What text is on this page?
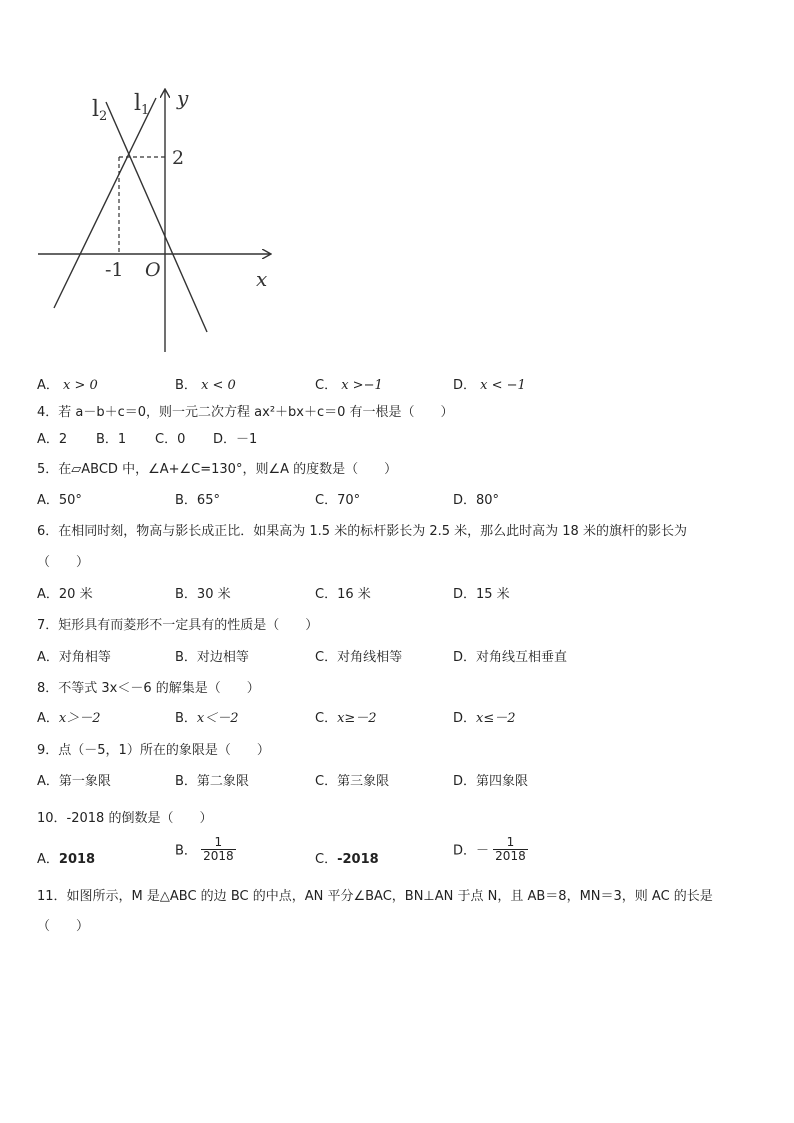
l2
l1
y
x
2
-1 O
A． x > 0	B． x < 0	C． x >−1	D． x < −1
4．若 a－b＋c＝0，则一元二次方程 ax²＋bx＋c＝0 有一根是（　　）
A．2 B．1 C．0 D．－1
5．在▱ABCD 中，∠A+∠C=130°，则∠A 的度数是（　　）
A．50°	B．65°	C．70°	D．80°
6．在相同时刻，物高与影长成正比．如果高为 1.5 米的标杆影长为 2.5 米，那么此时高为 18 米的旗杆的影长为
（　　）
A．20 米	B．30 米	C．16 米	D．15 米
7．矩形具有而菱形不一定具有的性质是（　　）
A．对角相等	B．对边相等	C．对角线相等	D．对角线互相垂直
8．不等式 3x＜－6 的解集是（　　）
A．x＞－2	B．x＜－2	C．x≥－2	D．x≤－2
9．点（－5，1）所在的象限是（　　）
A．第一象限	B．第二象限	C．第三象限	D．第四象限
10．-2018 的倒数是（　　）
A．2018
B． $\frac{1}{2018}$	C．-2018
D．－ $\frac{1}{2018}$
11．如图所示，M 是△ABC 的边 BC 的中点，AN 平分∠BAC，BN⊥AN 于点 N，且 AB＝8，MN＝3，则 AC 的长是
（　　）
